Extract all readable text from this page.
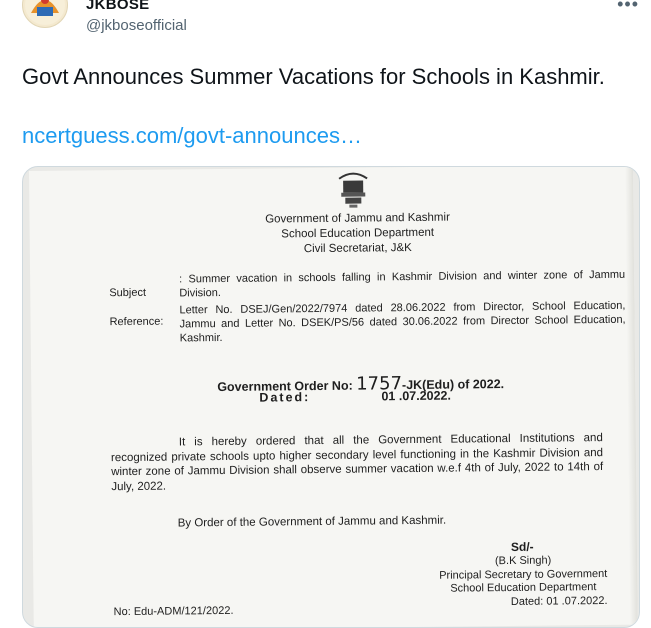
JKBOSE
@jkboseofficial
•••
Govt Announces Summer Vacations for Schools in Kashmir.
ncertguess.com/govt-announces…
Government of Jammu and Kashmir
School Education Department
Civil Secretariat, J&K
Subject
: Summer vacation in schools falling in Kashmir Division and winter zone of Jammu Division.
Reference:
Letter No. DSEJ/Gen/2022/7974 dated 28.06.2022 from Director, School Education, Jammu and Letter No. DSEK/PS/56 dated 30.06.2022 from Director School Education, Kashmir.
Government Order No: 1757-JK(Edu) of 2022.
Dated:	01 .07.2022.
It is hereby ordered that all the Government Educational Institutions and recognized private schools upto higher secondary level functioning in the Kashmir Division and winter zone of Jammu Division shall observe summer vacation w.e.f 4th of July, 2022 to 14th of July, 2022.
By Order of the Government of Jammu and Kashmir.
Sd/-
(B.K Singh)
Principal Secretary to Government
School Education Department
Dated: 01 .07.2022.
No: Edu-ADM/121/2022.
